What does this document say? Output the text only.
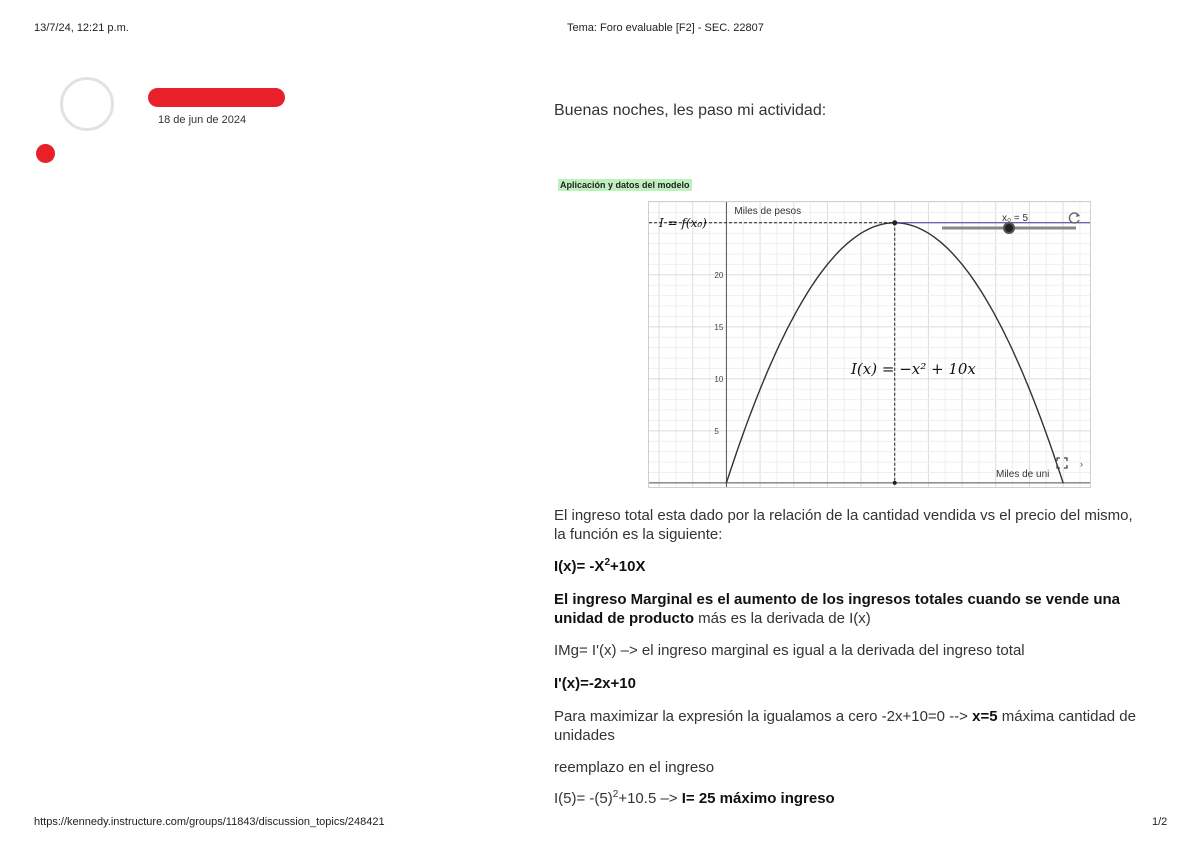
13/7/24, 12:21 p.m.	Tema: Foro evaluable [F2] - SEC. 22807
18 de jun de 2024
Buenas noches, les paso mi actividad:
Aplicación y datos del modelo
5
10
15
20
Miles de pesos
Miles de uni
I = f(x₀)
I(x) = −x² + 10x
x₀ = 5
›
El ingreso total esta dado por la relación de la cantidad vendida vs el precio del mismo, la función es la siguiente:
$I(x)= -X^2+10X$
El ingreso Marginal es el aumento de los ingresos totales cuando se vende una unidad de producto más es la derivada de I(x)
IMg= I'(x) –> el ingreso marginal es igual a la derivada del ingreso total
I'(x)=-2x+10
Para maximizar la expresión la igualamos a cero -2x+10=0 --> x=5 máxima cantidad de unidades
reemplazo en el ingreso
$I(5)= -(5)^2+10.5 -> I= 25$ máximo ingreso
https://kennedy.instructure.com/groups/11843/discussion_topics/248421	1/2
